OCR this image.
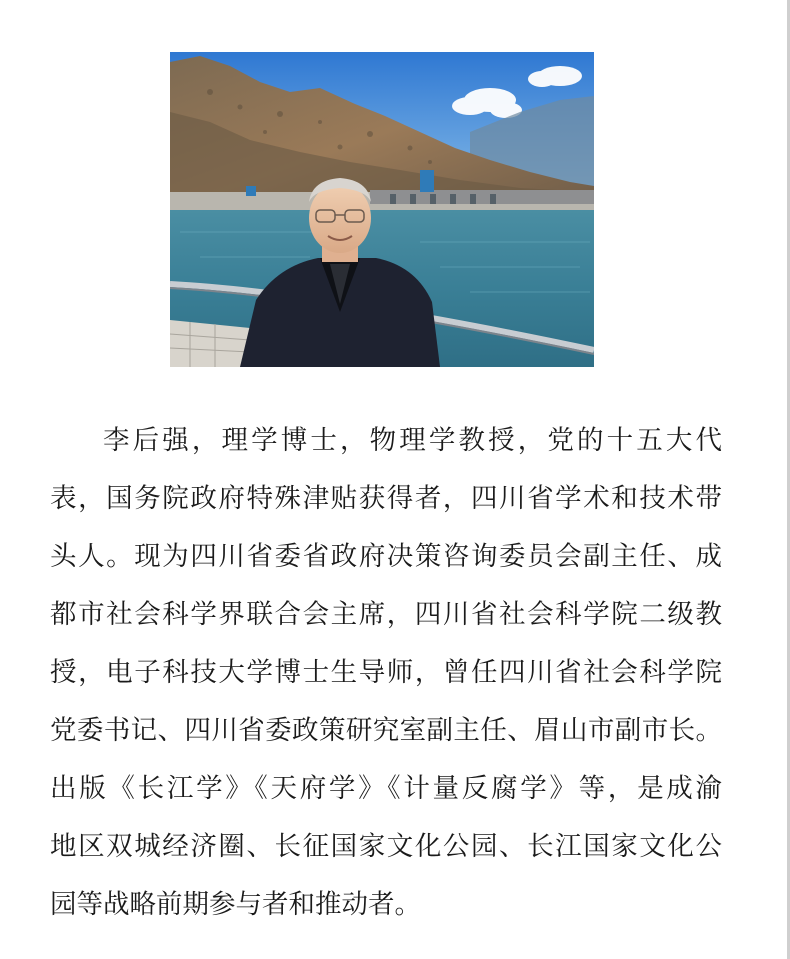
李后强，理学博士，物理学教授，党的十五大代
表，国务院政府特殊津贴获得者，四川省学术和技术带
头人。现为四川省委省政府决策咨询委员会副主任、成
都市社会科学界联合会主席，四川省社会科学院二级教
授，电子科技大学博士生导师，曾任四川省社会科学院
党委书记、四川省委政策研究室副主任、眉山市副市长。
出版《长江学》《天府学》《计量反腐学》等，是成渝
地区双城经济圈、长征国家文化公园、长江国家文化公
园等战略前期参与者和推动者。
